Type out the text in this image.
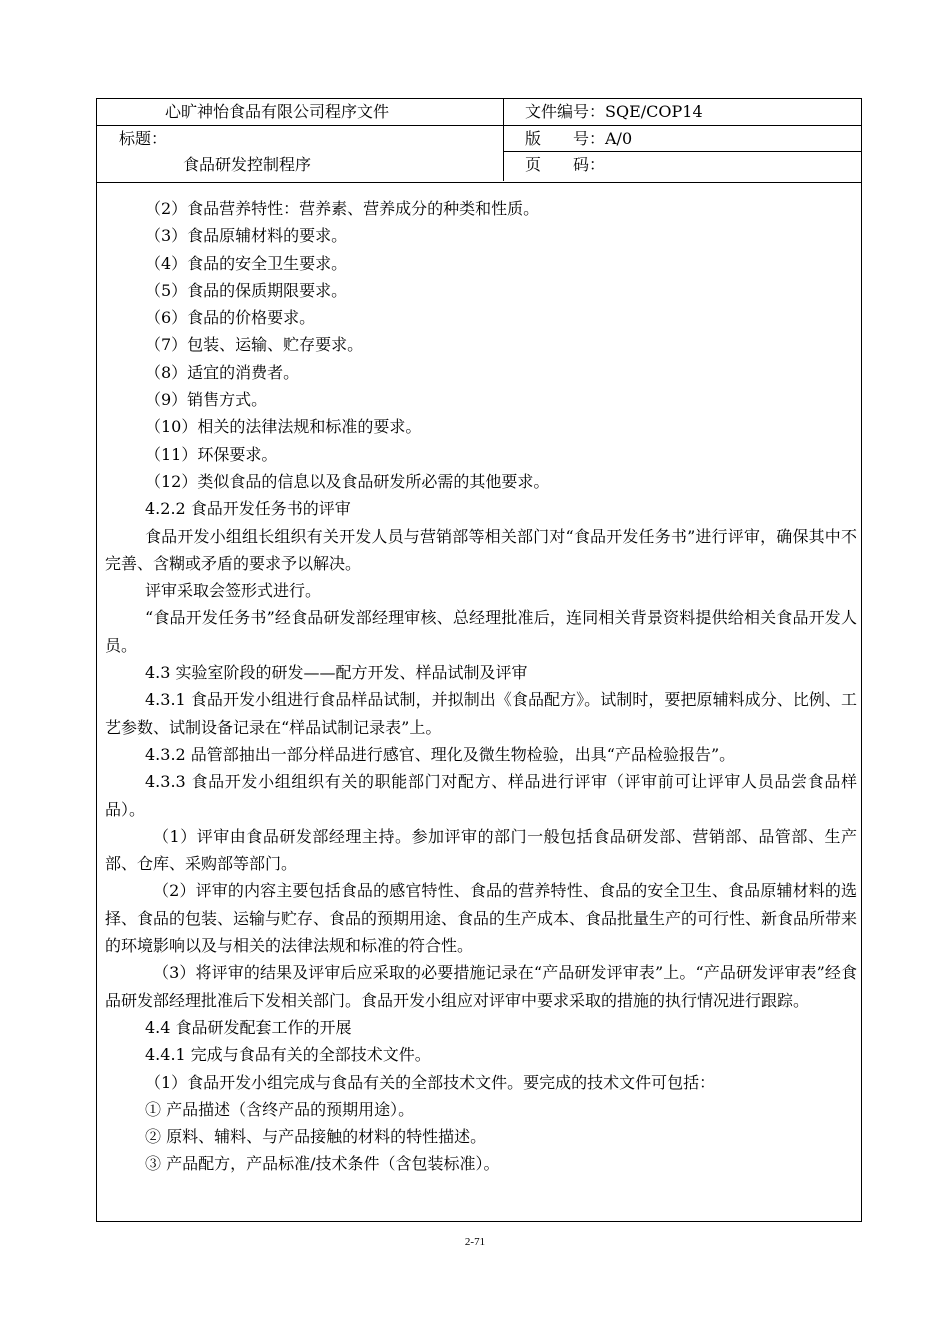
心旷神怡食品有限公司程序文件	文件编号：SQE/COP14
标题：
食品研发控制程序
版　　号：A/0
页　　码：

（2）食品营养特性：营养素、营养成分的种类和性质。

（3）食品原辅材料的要求。

（4）食品的安全卫生要求。

（5）食品的保质期限要求。

（6）食品的价格要求。

（7）包装、运输、贮存要求。

（8）适宜的消费者。

（9）销售方式。

（10）相关的法律法规和标准的要求。

（11）环保要求。

（12）类似食品的信息以及食品研发所必需的其他要求。

4.2.2 食品开发任务书的评审

食品开发小组组长组织有关开发人员与营销部等相关部门对“食品开发任务书”进行评审，确保其中不完善、含糊或矛盾的要求予以解决。

评审采取会签形式进行。

“食品开发任务书”经食品研发部经理审核、总经理批准后，连同相关背景资料提供给相关食品开发人员。

4.3 实验室阶段的研发——配方开发、样品试制及评审

4.3.1 食品开发小组进行食品样品试制，并拟制出《食品配方》。试制时，要把原辅料成分、比例、工艺参数、试制设备记录在“样品试制记录表”上。

4.3.2 品管部抽出一部分样品进行感官、理化及微生物检验，出具“产品检验报告”。

4.3.3 食品开发小组组织有关的职能部门对配方、样品进行评审（评审前可让评审人员品尝食品样品）。

（1）评审由食品研发部经理主持。参加评审的部门一般包括食品研发部、营销部、品管部、生产部、仓库、采购部等部门。

（2）评审的内容主要包括食品的感官特性、食品的营养特性、食品的安全卫生、食品原辅材料的选择、食品的包装、运输与贮存、食品的预期用途、食品的生产成本、食品批量生产的可行性、新食品所带来的环境影响以及与相关的法律法规和标准的符合性。

（3）将评审的结果及评审后应采取的必要措施记录在“产品研发评审表”上。“产品研发评审表”经食品研发部经理批准后下发相关部门。食品开发小组应对评审中要求采取的措施的执行情况进行跟踪。

4.4 食品研发配套工作的开展

4.4.1 完成与食品有关的全部技术文件。

（1）食品开发小组完成与食品有关的全部技术文件。要完成的技术文件可包括：

① 产品描述（含终产品的预期用途）。

② 原料、辅料、与产品接触的材料的特性描述。

③ 产品配方，产品标准/技术条件（含包装标准）。

2-71
